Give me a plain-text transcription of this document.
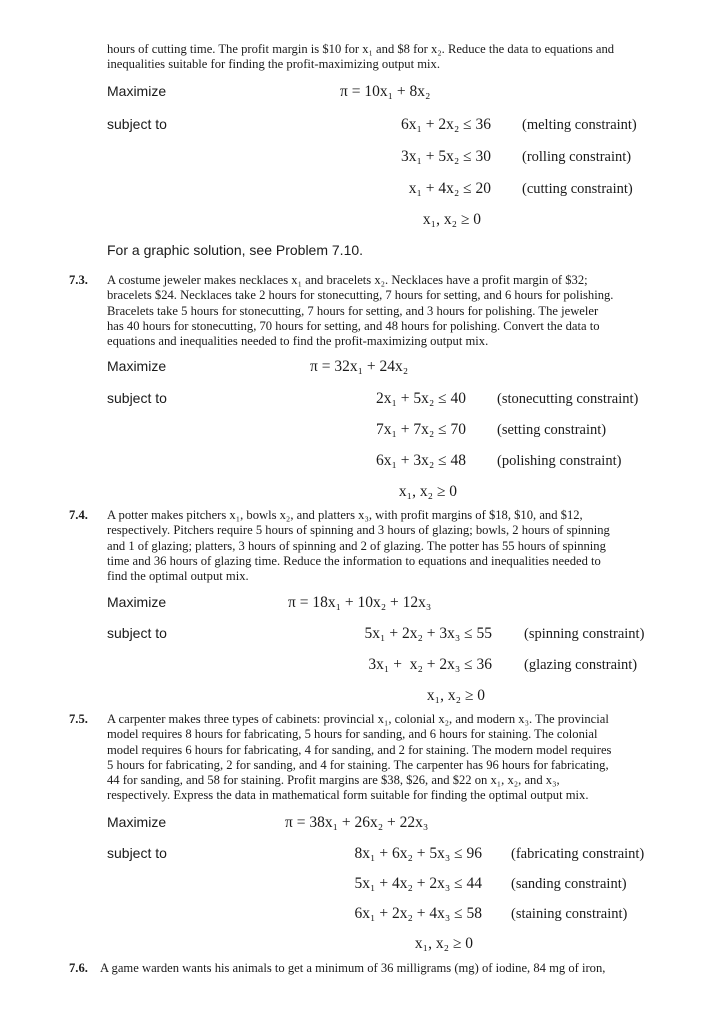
hours of cutting time. The profit margin is $10 for x₁ and $8 for x₂. Reduce the data to equations and
inequalities suitable for finding the profit-maximizing output mix.
Maximize	π = 10x₁ + 8x₂
subject to	6x₁ + 2x₂ ≤ 36 (melting constraint)
3x₁ + 5x₂ ≤ 30 (rolling constraint)
x₁ + 4x₂ ≤ 20 (cutting constraint)
x₁, x₂ ≥ 0
For a graphic solution, see Problem 7.10.
7.3. A costume jeweler makes necklaces x₁ and bracelets x₂. Necklaces have a profit margin of $32;
bracelets $24. Necklaces take 2 hours for stonecutting, 7 hours for setting, and 6 hours for polishing.
Bracelets take 5 hours for stonecutting, 7 hours for setting, and 3 hours for polishing. The jeweler
has 40 hours for stonecutting, 70 hours for setting, and 48 hours for polishing. Convert the data to
equations and inequalities needed to find the profit-maximizing output mix.
Maximize	π = 32x₁ + 24x₂
subject to	2x₁ + 5x₂ ≤ 40 (stonecutting constraint)
7x₁ + 7x₂ ≤ 70 (setting constraint)
6x₁ + 3x₂ ≤ 48 (polishing constraint)
x₁, x₂ ≥ 0
7.4. A potter makes pitchers x₁, bowls x₂, and platters x₃, with profit margins of $18, $10, and $12,
respectively. Pitchers require 5 hours of spinning and 3 hours of glazing; bowls, 2 hours of spinning
and 1 of glazing; platters, 3 hours of spinning and 2 of glazing. The potter has 55 hours of spinning
time and 36 hours of glazing time. Reduce the information to equations and inequalities needed to
find the optimal output mix.
Maximize	π = 18x₁ + 10x₂ + 12x₃
subject to	5x₁ + 2x₂ + 3x₃ ≤ 55 (spinning constraint)
3x₁ +  x₂ + 2x₃ ≤ 36 (glazing constraint)
x₁, x₂ ≥ 0
7.5. A carpenter makes three types of cabinets: provincial x₁, colonial x₂, and modern x₃. The provincial
model requires 8 hours for fabricating, 5 hours for sanding, and 6 hours for staining. The colonial
model requires 6 hours for fabricating, 4 for sanding, and 2 for staining. The modern model requires
5 hours for fabricating, 2 for sanding, and 4 for staining. The carpenter has 96 hours for fabricating,
44 for sanding, and 58 for staining. Profit margins are $38, $26, and $22 on x₁, x₂, and x₃,
respectively. Express the data in mathematical form suitable for finding the optimal output mix.
Maximize	π = 38x₁ + 26x₂ + 22x₃
subject to	8x₁ + 6x₂ + 5x₃ ≤ 96 (fabricating constraint)
5x₁ + 4x₂ + 2x₃ ≤ 44 (sanding constraint)
6x₁ + 2x₂ + 4x₃ ≤ 58 (staining constraint)
x₁, x₂ ≥ 0
7.6. A game warden wants his animals to get a minimum of 36 milligrams (mg) of iodine, 84 mg of iron,
